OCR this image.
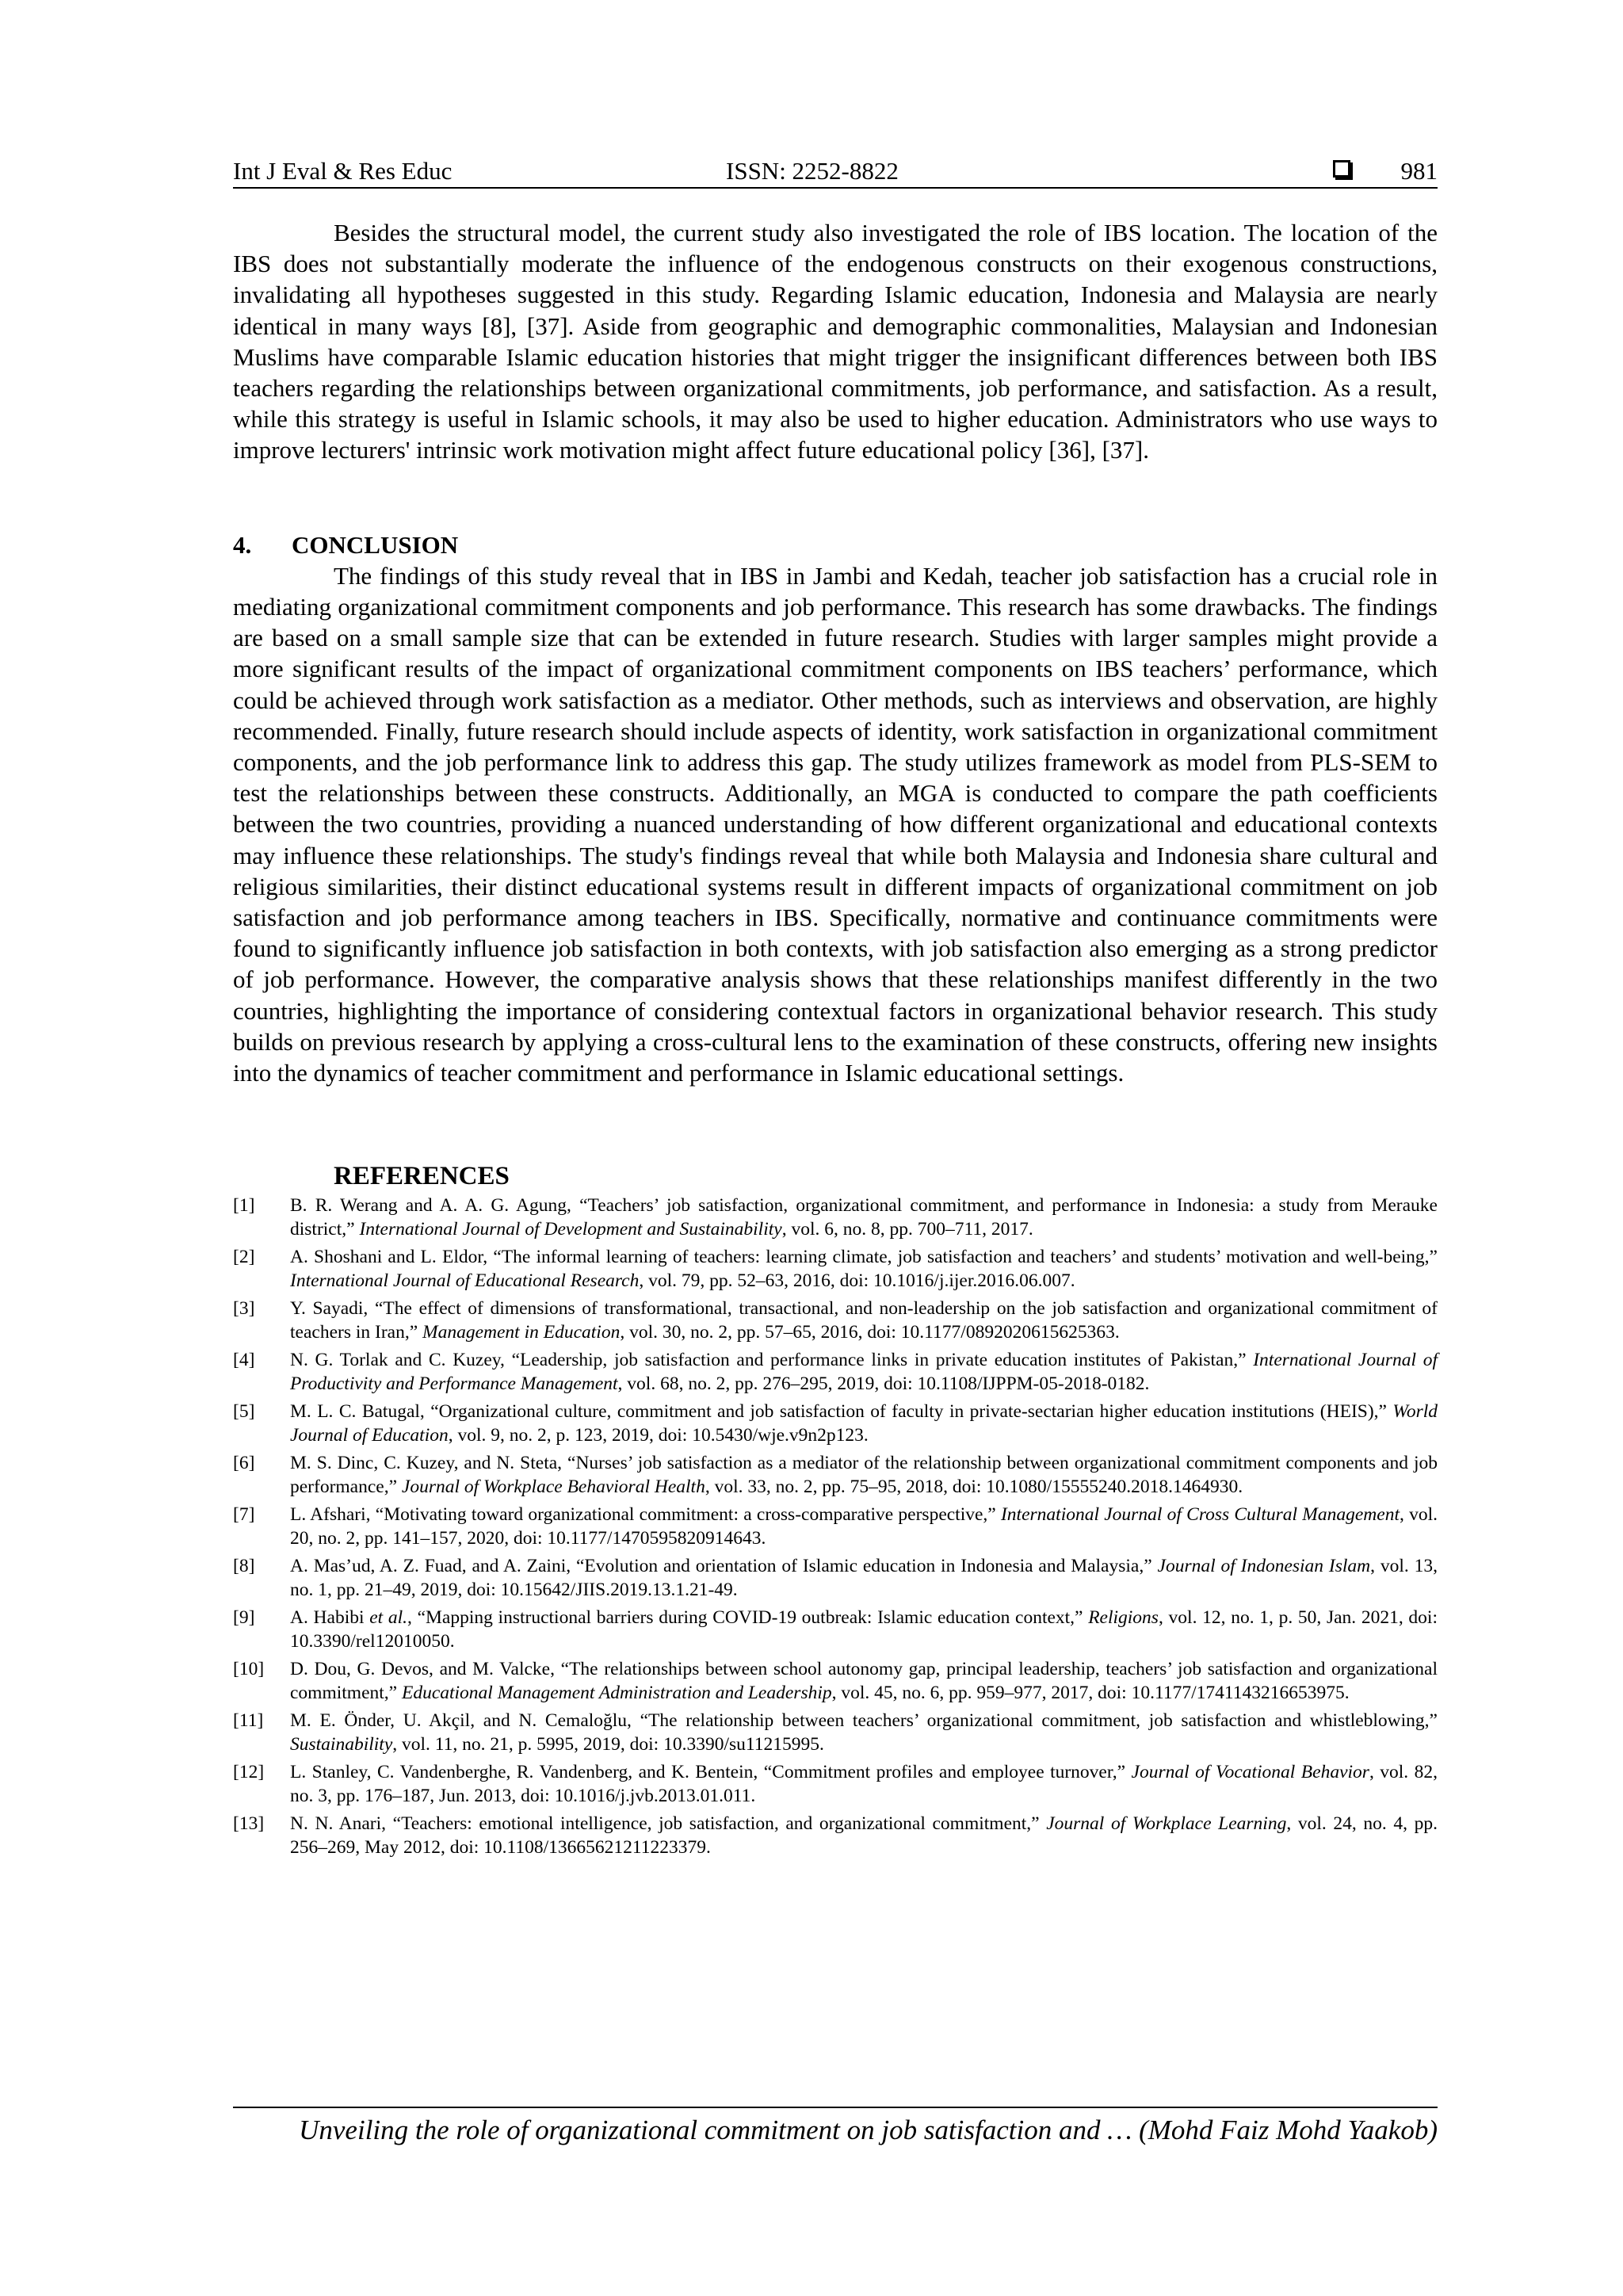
Int J Eval & Res Educ	ISSN: 2252-8822	981

Besides the structural model, the current study also investigated the role of IBS location. The location of the IBS does not substantially moderate the influence of the endogenous constructs on their exogenous constructions, invalidating all hypotheses suggested in this study. Regarding Islamic education, Indonesia and Malaysia are nearly identical in many ways [8], [37]. Aside from geographic and demographic commonalities, Malaysian and Indonesian Muslims have comparable Islamic education histories that might trigger the insignificant differences between both IBS teachers regarding the relationships between organizational commitments, job performance, and satisfaction. As a result, while this strategy is useful in Islamic schools, it may also be used to higher education. Administrators who use ways to improve lecturers' intrinsic work motivation might affect future educational policy [36], [37].

4. CONCLUSION

The findings of this study reveal that in IBS in Jambi and Kedah, teacher job satisfaction has a crucial role in mediating organizational commitment components and job performance. This research has some drawbacks. The findings are based on a small sample size that can be extended in future research. Studies with larger samples might provide a more significant results of the impact of organizational commitment components on IBS teachers’ performance, which could be achieved through work satisfaction as a mediator. Other methods, such as interviews and observation, are highly recommended. Finally, future research should include aspects of identity, work satisfaction in organizational commitment components, and the job performance link to address this gap. The study utilizes framework as model from PLS-SEM to test the relationships between these constructs. Additionally, an MGA is conducted to compare the path coefficients between the two countries, providing a nuanced understanding of how different organizational and educational contexts may influence these relationships. The study's findings reveal that while both Malaysia and Indonesia share cultural and religious similarities, their distinct educational systems result in different impacts of organizational commitment on job satisfaction and job performance among teachers in IBS. Specifically, normative and continuance commitments were found to significantly influence job satisfaction in both contexts, with job satisfaction also emerging as a strong predictor of job performance. However, the comparative analysis shows that these relationships manifest differently in the two countries, highlighting the importance of considering contextual factors in organizational behavior research. This study builds on previous research by applying a cross-cultural lens to the examination of these constructs, offering new insights into the dynamics of teacher commitment and performance in Islamic educational settings.

REFERENCES

[1] B. R. Werang and A. A. G. Agung, “Teachers’ job satisfaction, organizational commitment, and performance in Indonesia: a study from Merauke district,” International Journal of Development and Sustainability, vol. 6, no. 8, pp. 700–711, 2017.
[2] A. Shoshani and L. Eldor, “The informal learning of teachers: learning climate, job satisfaction and teachers’ and students’ motivation and well-being,” International Journal of Educational Research, vol. 79, pp. 52–63, 2016, doi: 10.1016/j.ijer.2016.06.007.
[3] Y. Sayadi, “The effect of dimensions of transformational, transactional, and non-leadership on the job satisfaction and organizational commitment of teachers in Iran,” Management in Education, vol. 30, no. 2, pp. 57–65, 2016, doi: 10.1177/0892020615625363.
[4] N. G. Torlak and C. Kuzey, “Leadership, job satisfaction and performance links in private education institutes of Pakistan,” International Journal of Productivity and Performance Management, vol. 68, no. 2, pp. 276–295, 2019, doi: 10.1108/IJPPM-05-2018-0182.
[5] M. L. C. Batugal, “Organizational culture, commitment and job satisfaction of faculty in private-sectarian higher education institutions (HEIS),” World Journal of Education, vol. 9, no. 2, p. 123, 2019, doi: 10.5430/wje.v9n2p123.
[6] M. S. Dinc, C. Kuzey, and N. Steta, “Nurses’ job satisfaction as a mediator of the relationship between organizational commitment components and job performance,” Journal of Workplace Behavioral Health, vol. 33, no. 2, pp. 75–95, 2018, doi: 10.1080/15555240.2018.1464930.
[7] L. Afshari, “Motivating toward organizational commitment: a cross-comparative perspective,” International Journal of Cross Cultural Management, vol. 20, no. 2, pp. 141–157, 2020, doi: 10.1177/1470595820914643.
[8] A. Mas’ud, A. Z. Fuad, and A. Zaini, “Evolution and orientation of Islamic education in Indonesia and Malaysia,” Journal of Indonesian Islam, vol. 13, no. 1, pp. 21–49, 2019, doi: 10.15642/JIIS.2019.13.1.21-49.
[9] A. Habibi et al., “Mapping instructional barriers during COVID-19 outbreak: Islamic education context,” Religions, vol. 12, no. 1, p. 50, Jan. 2021, doi: 10.3390/rel12010050.
[10] D. Dou, G. Devos, and M. Valcke, “The relationships between school autonomy gap, principal leadership, teachers’ job satisfaction and organizational commitment,” Educational Management Administration and Leadership, vol. 45, no. 6, pp. 959–977, 2017, doi: 10.1177/1741143216653975.
[11] M. E. Önder, U. Akçil, and N. Cemaloğlu, “The relationship between teachers’ organizational commitment, job satisfaction and whistleblowing,” Sustainability, vol. 11, no. 21, p. 5995, 2019, doi: 10.3390/su11215995.
[12] L. Stanley, C. Vandenberghe, R. Vandenberg, and K. Bentein, “Commitment profiles and employee turnover,” Journal of Vocational Behavior, vol. 82, no. 3, pp. 176–187, Jun. 2013, doi: 10.1016/j.jvb.2013.01.011.
[13] N. N. Anari, “Teachers: emotional intelligence, job satisfaction, and organizational commitment,” Journal of Workplace Learning, vol. 24, no. 4, pp. 256–269, May 2012, doi: 10.1108/13665621211223379.
Unveiling the role of organizational commitment on job satisfaction and … (Mohd Faiz Mohd Yaakob)
